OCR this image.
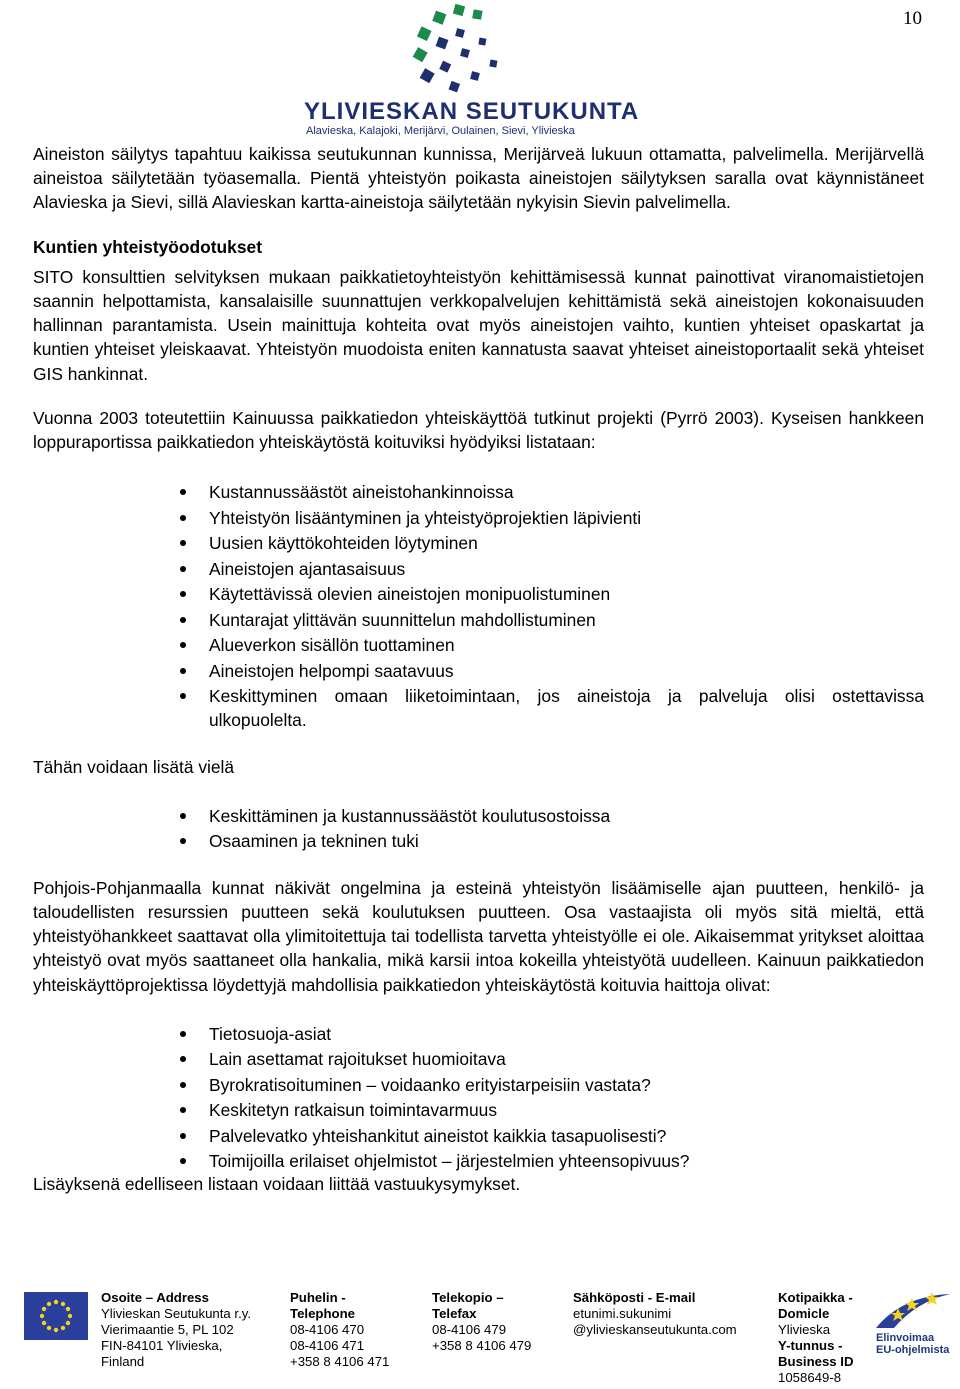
10
YLIVIESKAN SEUTUKUNTA
Alavieska, Kalajoki, Merijärvi, Oulainen, Sievi, Ylivieska

Aineiston säilytys tapahtuu kaikissa seutukunnan kunnissa, Merijärveä lukuun ottamatta, palvelimella. Merijärvellä aineistoa säilytetään työasemalla. Pientä yhteistyön poikasta aineistojen säilytyksen saralla ovat käynnistäneet Alavieska ja Sievi, sillä Alavieskan kartta-aineistoja säilytetään nykyisin Sievin palvelimella.

Kuntien yhteistyöodotukset

SITO konsulttien selvityksen mukaan paikkatietoyhteistyön kehittämisessä kunnat painottivat viranomaistietojen saannin helpottamista, kansalaisille suunnattujen verkkopalvelujen kehittämistä sekä aineistojen kokonaisuuden hallinnan parantamista. Usein mainittuja kohteita ovat myös aineistojen vaihto, kuntien yhteiset opaskartat ja kuntien yhteiset yleiskaavat. Yhteistyön muodoista eniten kannatusta saavat yhteiset aineistoportaalit sekä yhteiset GIS hankinnat.

Vuonna 2003 toteutettiin Kainuussa paikkatiedon yhteiskäyttöä tutkinut projekti (Pyrrö 2003). Kyseisen hankkeen loppuraportissa paikkatiedon yhteiskäytöstä koituviksi hyödyiksi listataan:

Kustannussäästöt aineistohankinnoissa
Yhteistyön lisääntyminen ja yhteistyöprojektien läpivienti
Uusien käyttökohteiden löytyminen
Aineistojen ajantasaisuus
Käytettävissä olevien aineistojen monipuolistuminen
Kuntarajat ylittävän suunnittelun mahdollistuminen
Alueverkon sisällön tuottaminen
Aineistojen helpompi saatavuus
Keskittyminen omaan liiketoimintaan, jos aineistoja ja palveluja olisi ostettavissa ulkopuolelta.

Tähän voidaan lisätä vielä

Keskittäminen ja kustannussäästöt koulutusostoissa
Osaaminen ja tekninen tuki

Pohjois-Pohjanmaalla kunnat näkivät ongelmina ja esteinä yhteistyön lisäämiselle ajan puutteen, henkilö- ja taloudellisten resurssien puutteen sekä koulutuksen puutteen. Osa vastaajista oli myös sitä mieltä, että yhteistyöhankkeet saattavat olla ylimitoitettuja tai todellista tarvetta yhteistyölle ei ole. Aikaisemmat yritykset aloittaa yhteistyö ovat myös saattaneet olla hankalia, mikä karsii intoa kokeilla yhteistyötä uudelleen. Kainuun paikkatiedon yhteiskäyttöprojektissa löydettyjä mahdollisia paikkatiedon yhteiskäytöstä koituvia haittoja olivat:

Tietosuoja-asiat
Lain asettamat rajoitukset huomioitava
Byrokratisoituminen – voidaanko erityistarpeisiin vastata?
Keskitetyn ratkaisun toimintavarmuus
Palvelevatko yhteishankitut aineistot kaikkia tasapuolisesti?
Toimijoilla erilaiset ohjelmistot – järjestelmien yhteensopivuus?

Lisäyksenä edelliseen listaan voidaan liittää vastuukysymykset.

Osoite – Address
Ylivieskan Seutukunta r.y.
Vierimaantie 5, PL 102
FIN-84101 Ylivieska,
Finland
Puhelin -
Telephone
08-4106 470
08-4106 471
+358 8 4106 471
Telekopio –
Telefax
08-4106 479
+358 8 4106 479
Sähköposti - E-mail
etunimi.sukunimi
@ylivieskanseutukunta.com
Kotipaikka -
Domicle
Ylivieska
Y-tunnus -
Business ID
1058649-8
Elinvoimaa
EU-ohjelmista
